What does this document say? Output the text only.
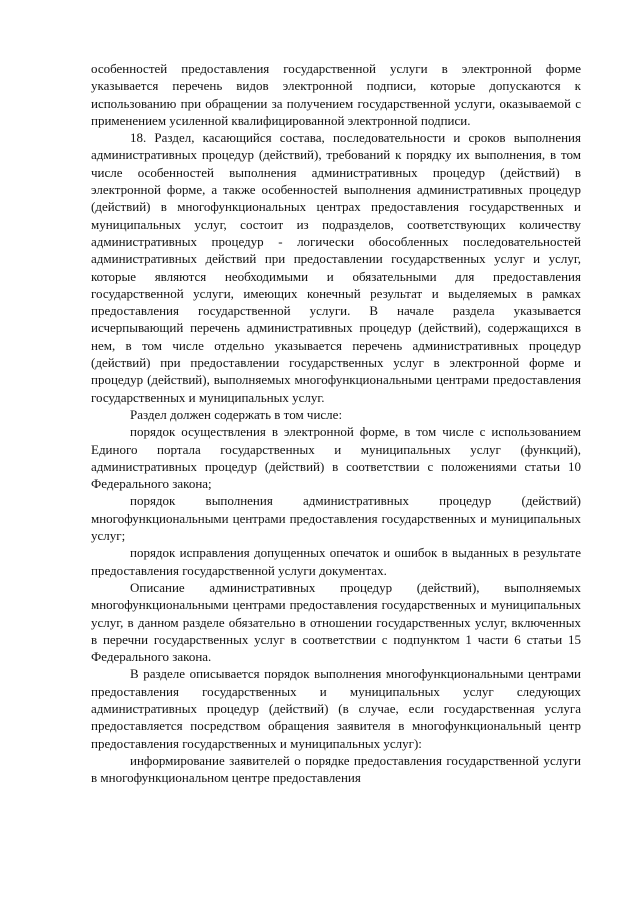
особенностей предоставления государственной услуги в электронной форме указывается перечень видов электронной подписи, которые допускаются к использованию при обращении за получением государственной услуги, оказываемой с применением усиленной квалифицированной электронной подписи.

18. Раздел, касающийся состава, последовательности и сроков выполнения административных процедур (действий), требований к порядку их выполнения, в том числе особенностей выполнения административных процедур (действий) в электронной форме, а также особенностей выполнения административных процедур (действий) в многофункциональных центрах предоставления государственных и муниципальных услуг, состоит из подразделов, соответствующих количеству административных процедур - логически обособленных последовательностей административных действий при предоставлении государственных услуг и услуг, которые являются необходимыми и обязательными для предоставления государственной услуги, имеющих конечный результат и выделяемых в рамках предоставления государственной услуги. В начале раздела указывается исчерпывающий перечень административных процедур (действий), содержащихся в нем, в том числе отдельно указывается перечень административных процедур (действий) при предоставлении государственных услуг в электронной форме и процедур (действий), выполняемых многофункциональными центрами предоставления государственных и муниципальных услуг.

Раздел должен содержать в том числе:

порядок осуществления в электронной форме, в том числе с использованием Единого портала государственных и муниципальных услуг (функций), административных процедур (действий) в соответствии с положениями статьи 10 Федерального закона;

порядок выполнения административных процедур (действий) многофункциональными центрами предоставления государственных и муниципальных услуг;

порядок исправления допущенных опечаток и ошибок в выданных в результате предоставления государственной услуги документах.

Описание административных процедур (действий), выполняемых многофункциональными центрами предоставления государственных и муниципальных услуг, в данном разделе обязательно в отношении государственных услуг, включенных в перечни государственных услуг в соответствии с подпунктом 1 части 6 статьи 15 Федерального закона.

В разделе описывается порядок выполнения многофункциональными центрами предоставления государственных и муниципальных услуг следующих административных процедур (действий) (в случае, если государственная услуга предоставляется посредством обращения заявителя в многофункциональный центр предоставления государственных и муниципальных услуг):

информирование заявителей о порядке предоставления государственной услуги в многофункциональном центре предоставления
